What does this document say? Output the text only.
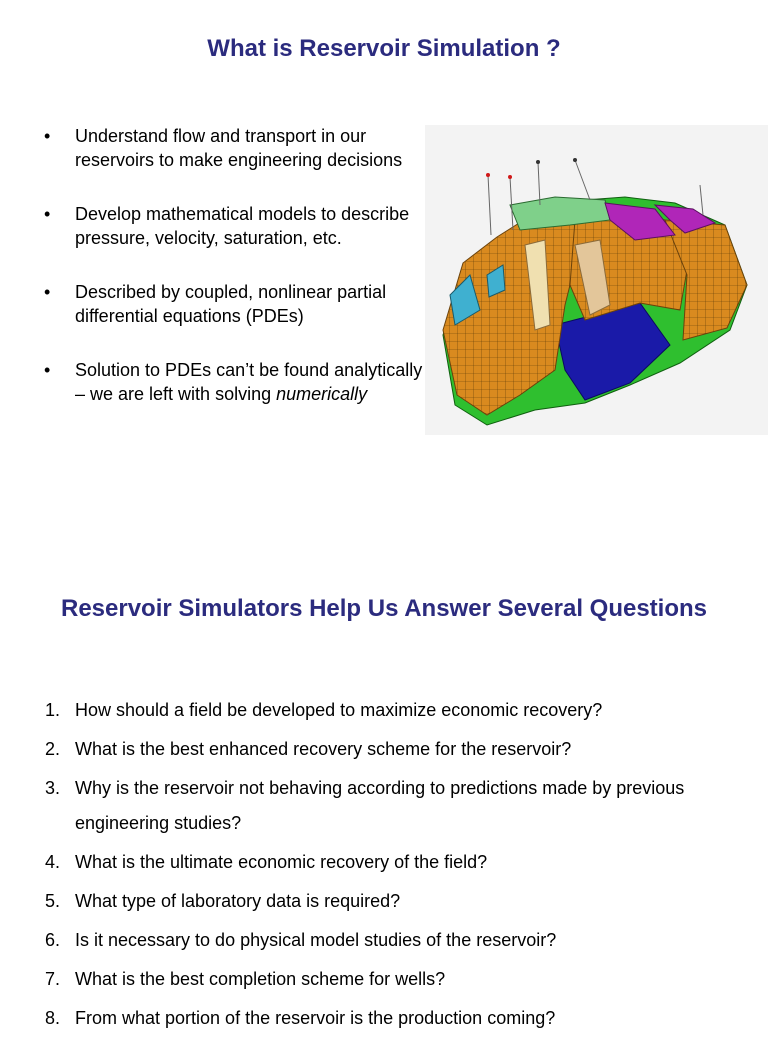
What is Reservoir Simulation ?
• Understand flow and transport in our reservoirs to make engineering decisions
• Develop mathematical models to describe pressure, velocity, saturation, etc.
• Described by coupled, nonlinear partial differential equations (PDEs)
• Solution to PDEs can’t be found analytically – we are left with solving numerically
Reservoir Simulators Help Us Answer Several Questions
1. How should a field be developed to maximize economic recovery?
2. What is the best enhanced recovery scheme for the reservoir?
3. Why is the reservoir not behaving according to predictions made by previous engineering studies?
4. What is the ultimate economic recovery of the field?
5. What type of laboratory data is required?
6. Is it necessary to do physical model studies of the reservoir?
7. What is the best completion scheme for wells?
8. From what portion of the reservoir is the production coming?
